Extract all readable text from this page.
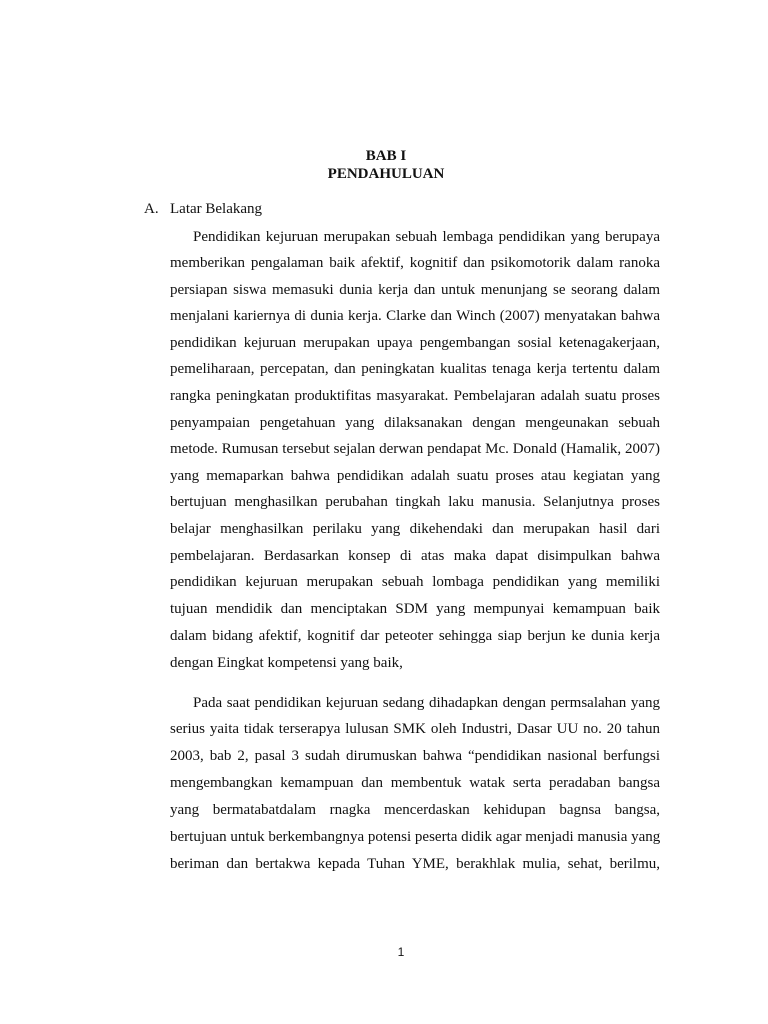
BAB I
PENDAHULUAN
A. Latar Belakang
Pendidikan kejuruan merupakan sebuah lembaga pendidikan yang berupaya
memberikan pengalaman baik afektif, kognitif dan psikomotorik dalam ranoka
persiapan siswa memasuki dunia kerja dan untuk menunjang se seorang dalam
menjalani kariernya di dunia kerja. Clarke dan Winch (2007) menyatakan bahwa
pendidikan kejuruan merupakan upaya pengembangan sosial ketenagakerjaan,
pemeliharaan, percepatan, dan peningkatan kualitas tenaga kerja tertentu dalam
rangka peningkatan produktifitas masyarakat. Pembelajaran adalah suatu proses
penyampaian pengetahuan yang dilaksanakan dengan mengeunakan sebuah
metode. Rumusan tersebut sejalan derwan pendapat Mc. Donald (Hamalik, 2007)
yang memaparkan bahwa pendidikan adalah suatu proses atau kegiatan yang
bertujuan menghasilkan perubahan tingkah laku manusia. Selanjutnya proses
belajar menghasilkan perilaku yang dikehendaki dan merupakan hasil dari
pembelajaran. Berdasarkan konsep di atas maka dapat disimpulkan bahwa
pendidikan kejuruan merupakan sebuah lombaga pendidikan yang memiliki
tujuan mendidik dan menciptakan SDM yang mempunyai kemampuan baik
dalam bidang afektif, kognitif dar peteoter sehingga siap berjun ke dunia kerja
dengan Eingkat kompetensi yang baik,
Pada saat pendidikan kejuruan sedang dihadapkan dengan permsalahan yang
serius yaita tidak terserapya lulusan SMK oleh Industri, Dasar UU no. 20 tahun
2003, bab 2, pasal 3 sudah dirumuskan bahwa “pendidikan nasional berfungsi
mengembangkan kemampuan dan membentuk watak serta peradaban bangsa
yang bermatabatdalam rnagka mencerdaskan kehidupan bagnsa bangsa,
bertujuan untuk berkembangnya potensi peserta didik agar menjadi manusia yang
beriman dan bertakwa kepada Tuhan YME, berakhlak mulia, sehat, berilmu,
1
